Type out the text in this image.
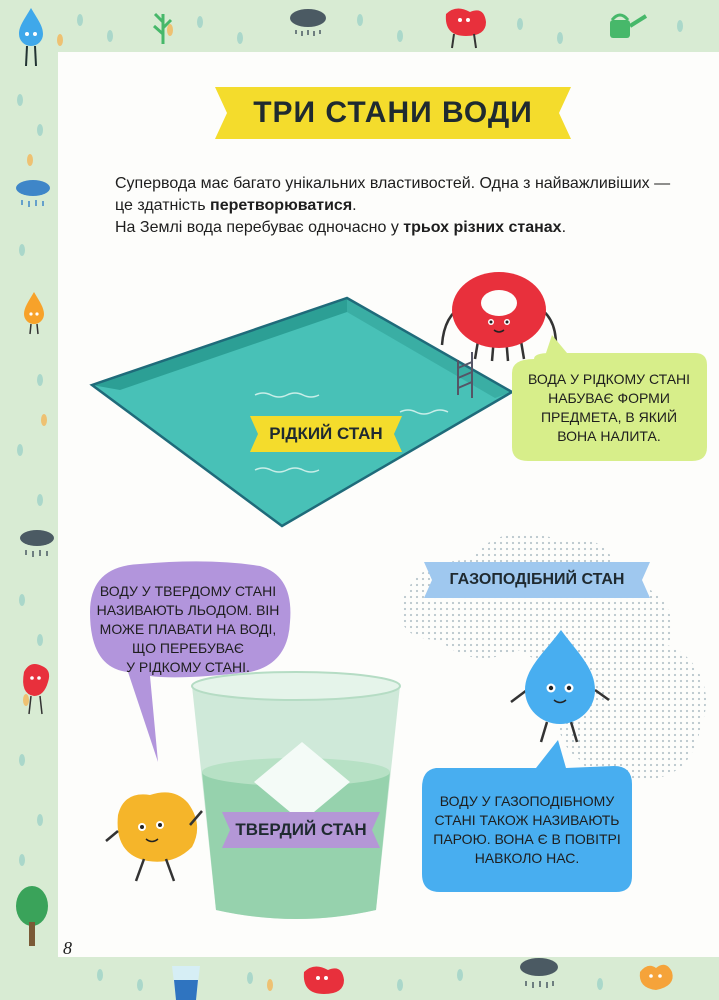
ТРИ СТАНИ ВОДИ

Супервода має багато унікальних властивостей. Одна з найважливіших —

це здатність перетворюватися.

На Землі вода перебуває одночасно у трьох різних станах.

ВОДА У РІДКОМУ СТАНІ
НАБУВАЄ ФОРМИ
ПРЕДМЕТА, В ЯКИЙ
ВОНА НАЛИТА.
РІДКИЙ СТАН
ВОДУ У ТВЕРДОМУ СТАНІ
НАЗИВАЮТЬ ЛЬОДОМ. ВІН
МОЖЕ ПЛАВАТИ НА ВОДІ,
ЩО ПЕРЕБУВАЄ
У РІДКОМУ СТАНІ.
ТВЕРДИЙ СТАН
ГАЗОПОДІБНИЙ СТАН
ВОДУ У ГАЗОПОДІБНОМУ
СТАНІ ТАКОЖ НАЗИВАЮТЬ
ПАРОЮ. ВОНА Є В ПОВІТРІ
НАВКОЛО НАС.
8
